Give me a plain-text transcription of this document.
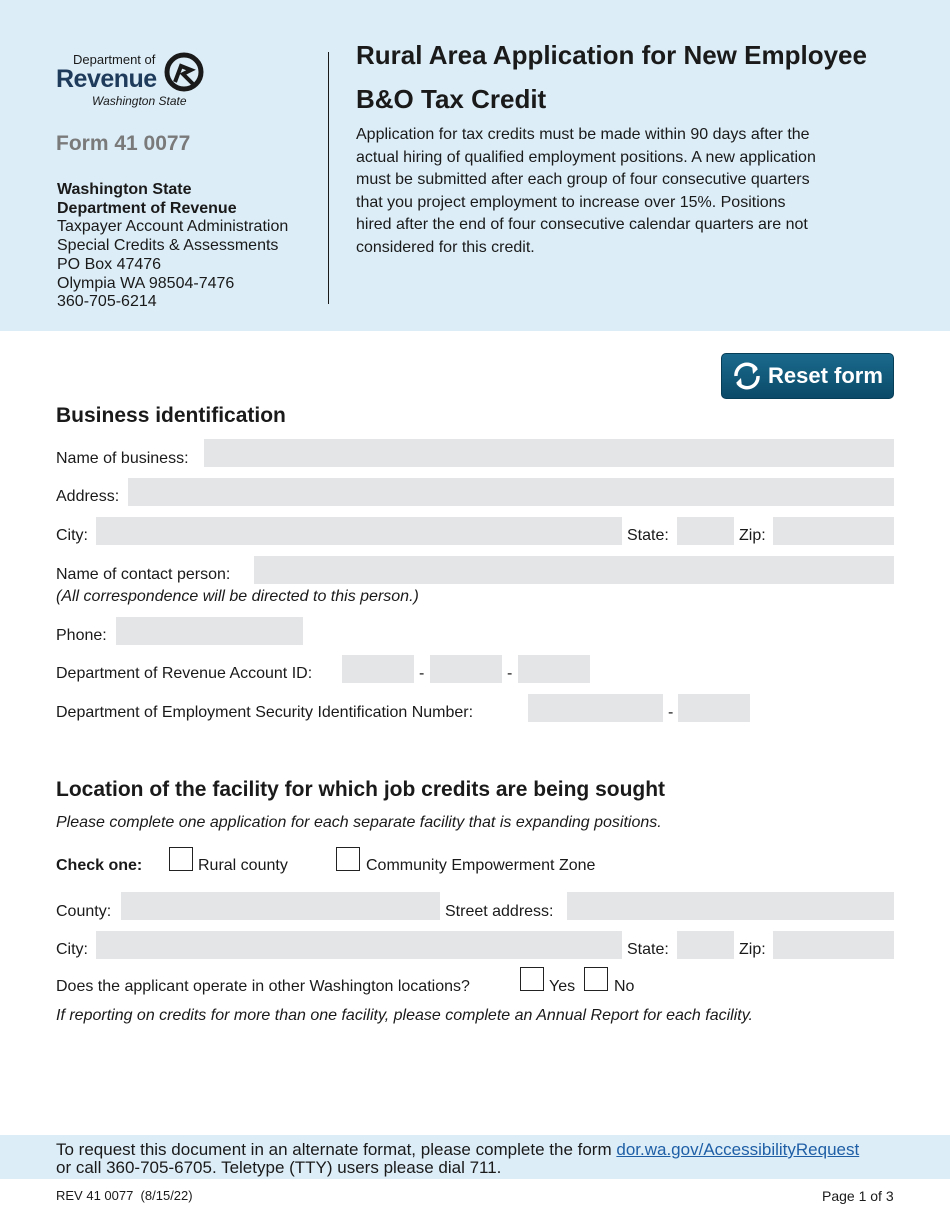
Department of
Revenue
Washington State
Form 41 0077
Washington State
Department of Revenue
Taxpayer Account Administration
Special Credits & Assessments
PO Box 47476
Olympia WA 98504-7476
360-705-6214
Rural Area Application for New Employee
B&O Tax Credit
Application for tax credits must be made within 90 days after the
actual hiring of qualified employment positions. A new application
must be submitted after each group of four consecutive quarters
that you project employment to increase over 15%. Positions
hired after the end of four consecutive calendar quarters are not
considered for this credit.
Reset form
Business identification
Name of business:
Address:
City:	State:	Zip:
Name of contact person:
(All correspondence will be directed to this person.)
Phone:
Department of Revenue Account ID:	-	-
Department of Employment Security Identification Number:	-
Location of the facility for which job credits are being sought
Please complete one application for each separate facility that is expanding positions.
Check one:	Rural county	Community Empowerment Zone
County:	Street address:
City:	State:	Zip:
Does the applicant operate in other Washington locations?	Yes No
If reporting on credits for more than one facility, please complete an Annual Report for each facility.
To request this document in an alternate format, please complete the form dor.wa.gov/AccessibilityRequest
or call 360-705-6705. Teletype (TTY) users please dial 711.
REV 41 0077  (8/15/22)	Page 1 of 3
